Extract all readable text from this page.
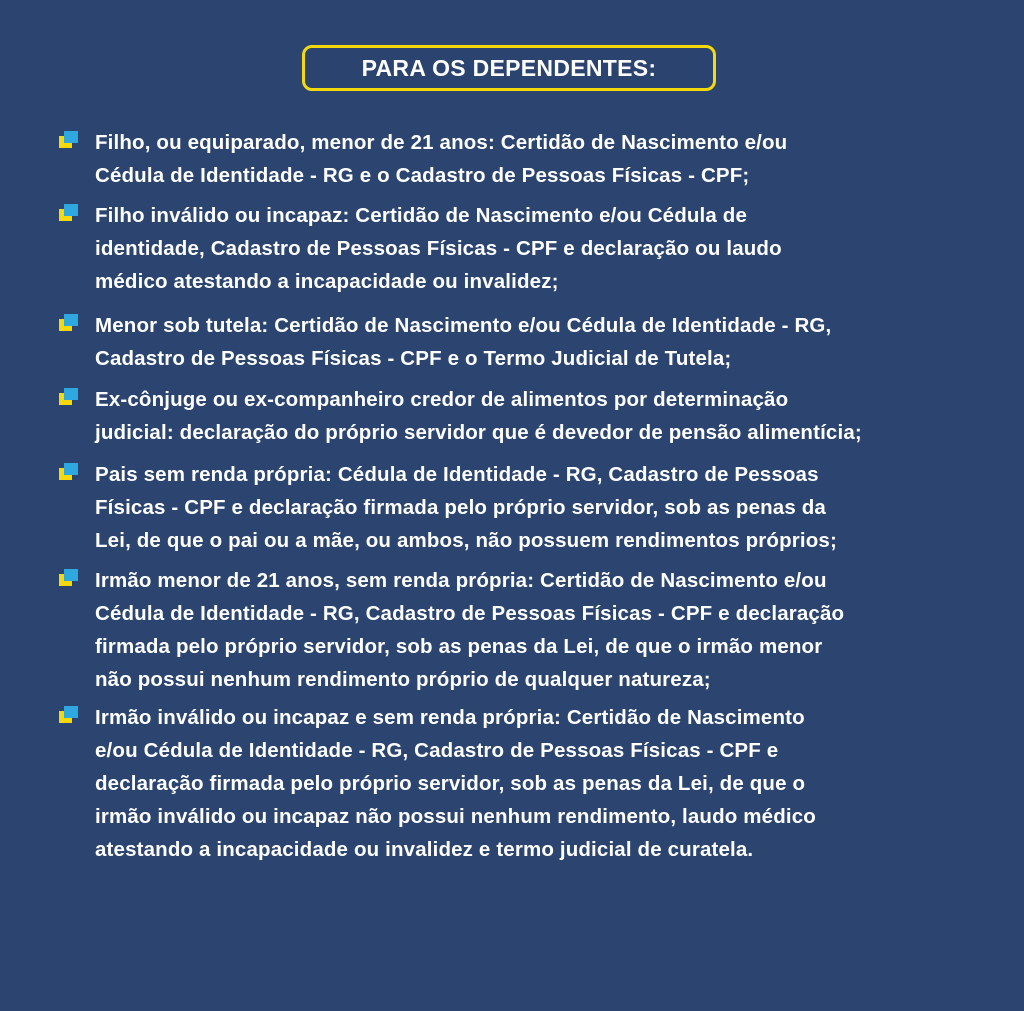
PARA OS DEPENDENTES:
Filho, ou equiparado, menor de 21 anos: Certidão de Nascimento e/ou
Cédula de Identidade - RG e o Cadastro de Pessoas Físicas - CPF;
Filho inválido ou incapaz: Certidão de Nascimento e/ou Cédula de
identidade, Cadastro de Pessoas Físicas - CPF e declaração ou laudo
médico atestando a incapacidade ou invalidez;
Menor sob tutela: Certidão de Nascimento e/ou Cédula de Identidade - RG,
Cadastro de Pessoas Físicas - CPF e o Termo Judicial de Tutela;
Ex-cônjuge ou ex-companheiro credor de alimentos por determinação
judicial: declaração do próprio servidor que é devedor de pensão alimentícia;
Pais sem renda própria: Cédula de Identidade - RG, Cadastro de Pessoas
Físicas - CPF e declaração firmada pelo próprio servidor, sob as penas da
Lei, de que o pai ou a mãe, ou ambos, não possuem rendimentos próprios;
Irmão menor de 21 anos, sem renda própria: Certidão de Nascimento e/ou
Cédula de Identidade - RG, Cadastro de Pessoas Físicas - CPF e declaração
firmada pelo próprio servidor, sob as penas da Lei, de que o irmão menor
não possui nenhum rendimento próprio de qualquer natureza;
Irmão inválido ou incapaz e sem renda própria: Certidão de Nascimento
e/ou Cédula de Identidade - RG, Cadastro de Pessoas Físicas - CPF e
declaração firmada pelo próprio servidor, sob as penas da Lei, de que o
irmão inválido ou incapaz não possui nenhum rendimento, laudo médico
atestando a incapacidade ou invalidez e termo judicial de curatela.
